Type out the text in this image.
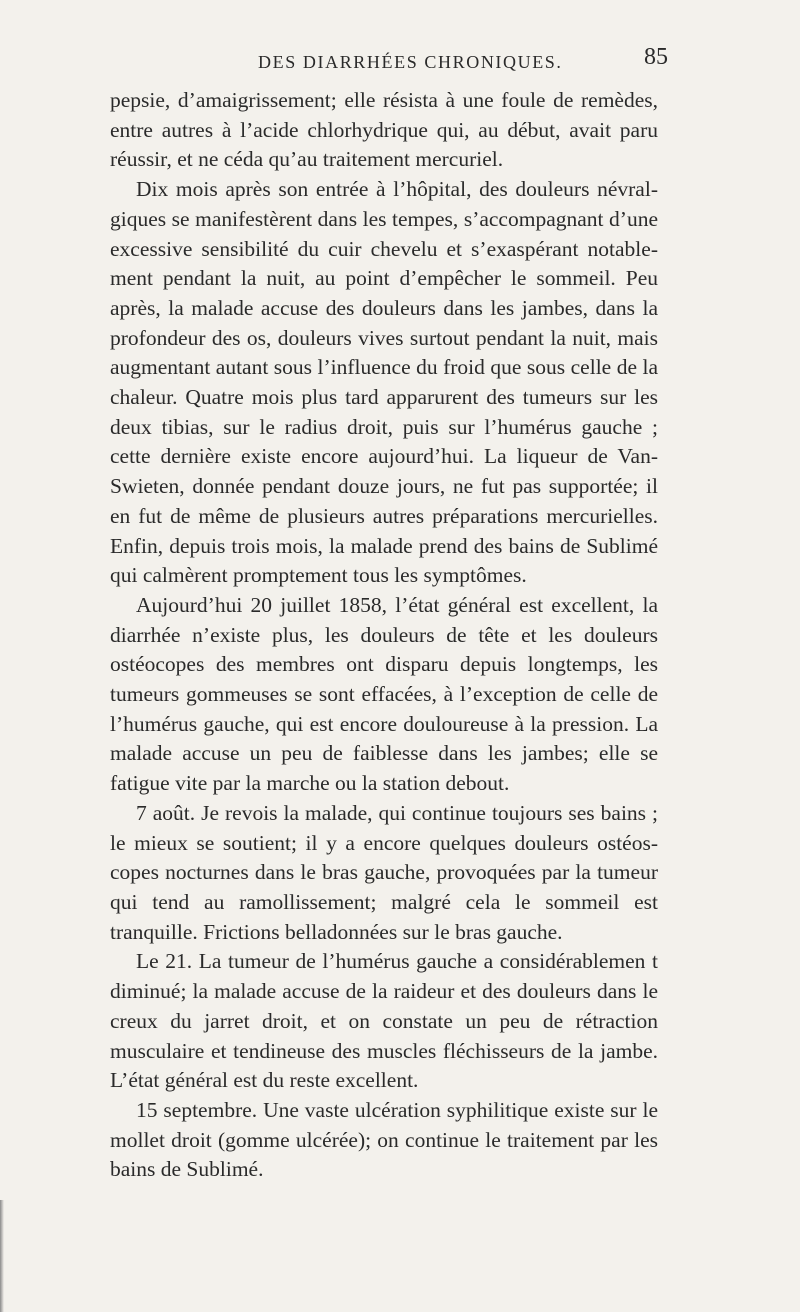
DES DIARRHÉES CHRONIQUES.	85

pepsie, d’amaigrissement; elle résista à une foule de remèdes, entre autres à l’acide chlorhydrique qui, au début, avait paru réussir, et ne céda qu’au traitement mercuriel.

Dix mois après son entrée à l’hôpital, des douleurs névralgiques se manifestèrent dans les tempes, s’accompagnant d’une excessive sensibilité du cuir chevelu et s’exaspérant notablement pendant la nuit, au point d’empêcher le sommeil. Peu après, la malade accuse des douleurs dans les jambes, dans la profondeur des os, douleurs vives surtout pendant la nuit, mais augmentant autant sous l’influence du froid que sous celle de la chaleur. Quatre mois plus tard apparurent des tumeurs sur les deux tibias, sur le radius droit, puis sur l’humérus gauche ; cette dernière existe encore aujourd’hui. La liqueur de Van-Swieten, donnée pendant douze jours, ne fut pas supportée; il en fut de même de plusieurs autres préparations mercurielles. Enfin, depuis trois mois, la malade prend des bains de Sublimé qui calmèrent promptement tous les symptômes.

Aujourd’hui 20 juillet 1858, l’état général est excellent, la diarrhée n’existe plus, les douleurs de tête et les douleurs ostéocopes des membres ont disparu depuis longtemps, les tumeurs gommeuses se sont effacées, à l’exception de celle de l’humérus gauche, qui est encore douloureuse à la pression. La malade accuse un peu de faiblesse dans les jambes; elle se fatigue vite par la marche ou la station debout.

7 août. Je revois la malade, qui continue toujours ses bains ; le mieux se soutient; il y a encore quelques douleurs ostéoscopes nocturnes dans le bras gauche, provoquées par la tumeur qui tend au ramollissement; malgré cela le sommeil est tranquille. Frictions belladonnées sur le bras gauche.

Le 21. La tumeur de l’humérus gauche a considérablemen t diminué; la malade accuse de la raideur et des douleurs dans le creux du jarret droit, et on constate un peu de rétraction musculaire et tendineuse des muscles fléchisseurs de la jambe. L’état général est du reste excellent.

15 septembre. Une vaste ulcération syphilitique existe sur le mollet droit (gomme ulcérée); on continue le traitement par les bains de Sublimé.
